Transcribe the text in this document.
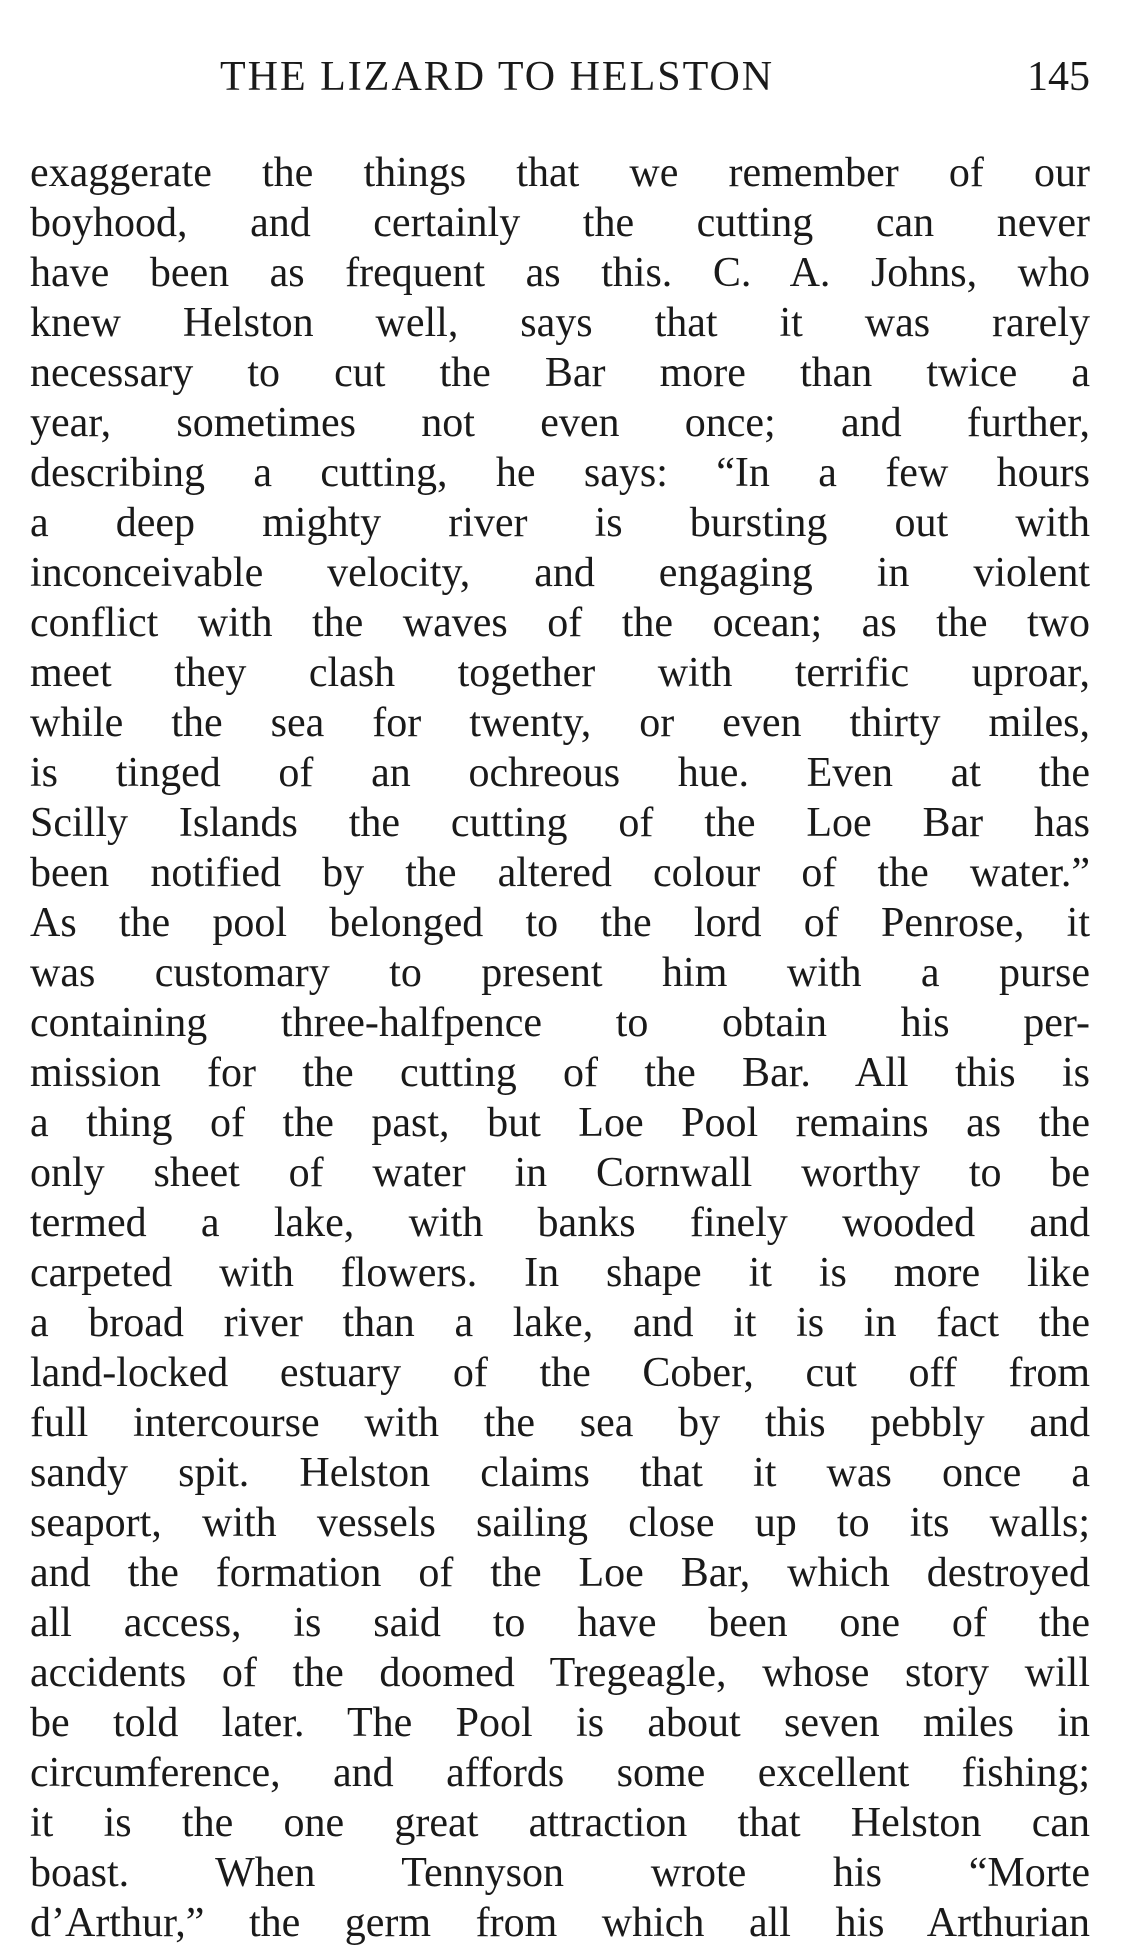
THE LIZARD TO HELSTON	145
exaggerate the things that we remember of our
boyhood, and certainly the cutting can never
have been as frequent as this. C. A. Johns, who
knew Helston well, says that it was rarely
necessary to cut the Bar more than twice a
year, sometimes not even once; and further,
describing a cutting, he says: “In a few hours
a deep mighty river is bursting out with
inconceivable velocity, and engaging in violent
conflict with the waves of the ocean; as the two
meet they clash together with terrific uproar,
while the sea for twenty, or even thirty miles,
is tinged of an ochreous hue. Even at the
Scilly Islands the cutting of the Loe Bar has
been notified by the altered colour of the water.”
As the pool belonged to the lord of Penrose, it
was customary to present him with a purse
containing three-halfpence to obtain his per-
mission for the cutting of the Bar. All this is
a thing of the past, but Loe Pool remains as the
only sheet of water in Cornwall worthy to be
termed a lake, with banks finely wooded and
carpeted with flowers. In shape it is more like
a broad river than a lake, and it is in fact the
land-locked estuary of the Cober, cut off from
full intercourse with the sea by this pebbly and
sandy spit. Helston claims that it was once a
seaport, with vessels sailing close up to its walls;
and the formation of the Loe Bar, which destroyed
all access, is said to have been one of the
accidents of the doomed Tregeagle, whose story will
be told later. The Pool is about seven miles in
circumference, and affords some excellent fishing;
it is the one great attraction that Helston can
boast. When Tennyson wrote his “Morte
d’Arthur,” the germ from which all his Arthurian
